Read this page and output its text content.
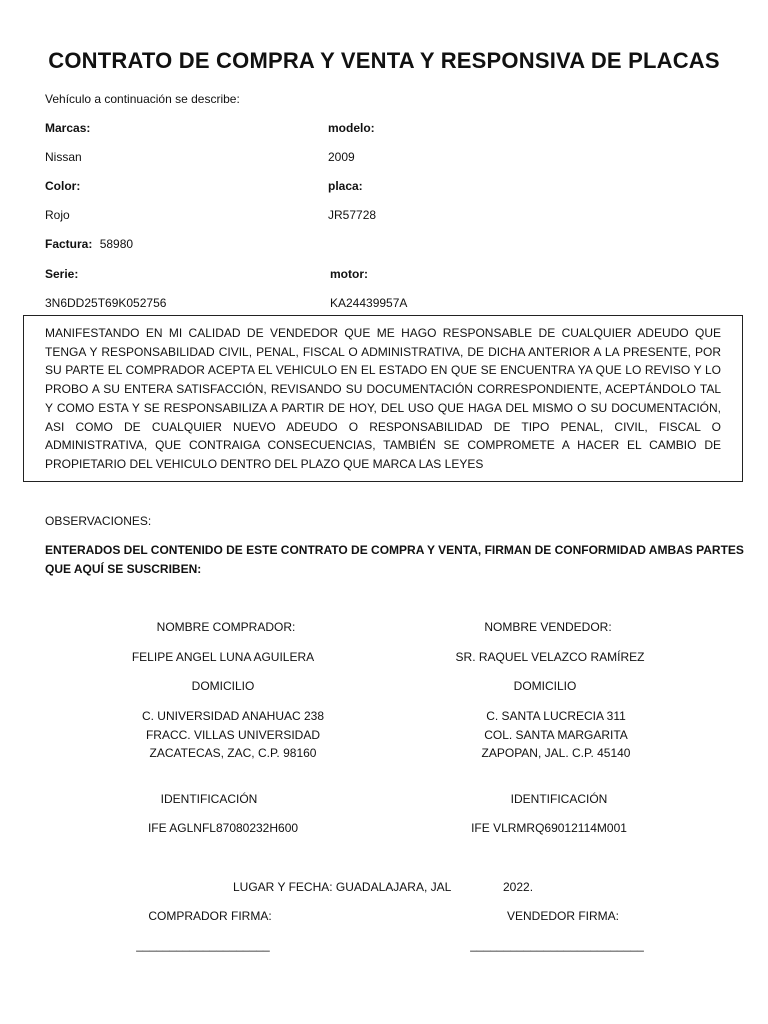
CONTRATO DE COMPRA Y VENTA Y RESPONSIVA DE PLACAS
Vehículo a continuación se describe:
Marcas:	modelo:
Nissan	2009
Color:	placa:
Rojo	JR57728
Factura: 58980
Serie:	motor:
3N6DD25T69K052756	KA24439957A
MANIFESTANDO EN MI CALIDAD DE VENDEDOR QUE ME HAGO RESPONSABLE DE CUALQUIER ADEUDO QUE TENGA Y RESPONSABILIDAD CIVIL, PENAL, FISCAL O ADMINISTRATIVA, DE DICHA ANTERIOR A LA PRESENTE, POR SU PARTE EL COMPRADOR ACEPTA EL VEHICULO EN EL ESTADO EN QUE SE ENCUENTRA YA QUE LO REVISO Y LO PROBO A SU ENTERA SATISFACCIÓN, REVISANDO SU DOCUMENTACIÓN CORRESPONDIENTE, ACEPTÁNDOLO TAL Y COMO ESTA Y SE RESPONSABILIZA A PARTIR DE HOY, DEL USO QUE HAGA DEL MISMO O SU DOCUMENTACIÓN, ASI COMO DE CUALQUIER NUEVO ADEUDO O RESPONSABILIDAD DE TIPO PENAL, CIVIL, FISCAL O ADMINISTRATIVA, QUE CONTRAIGA CONSECUENCIAS, TAMBIÉN SE COMPROMETE A HACER EL CAMBIO DE PROPIETARIO DEL VEHICULO DENTRO DEL PLAZO QUE MARCA LAS LEYES
OBSERVACIONES:
ENTERADOS DEL CONTENIDO DE ESTE CONTRATO DE COMPRA Y VENTA, FIRMAN DE CONFORMIDAD AMBAS PARTES
QUE AQUÍ SE SUSCRIBEN:
NOMBRE COMPRADOR:
FELIPE ANGEL LUNA AGUILERA
DOMICILIO
C. UNIVERSIDAD ANAHUAC 238
FRACC. VILLAS UNIVERSIDAD
ZACATECAS, ZAC, C.P. 98160
IDENTIFICACIÓN
IFE AGLNFL87080232H600
NOMBRE VENDEDOR:
SR. RAQUEL VELAZCO RAMÍREZ
DOMICILIO
C. SANTA LUCRECIA 311
COL. SANTA MARGARITA
ZAPOPAN, JAL. C.P. 45140
IDENTIFICACIÓN
IFE VLRMRQ69012114M001
LUGAR Y FECHA: GUADALAJARA, JAL	2022.
COMPRADOR FIRMA:	VENDEDOR FIRMA:
____________________	__________________________
